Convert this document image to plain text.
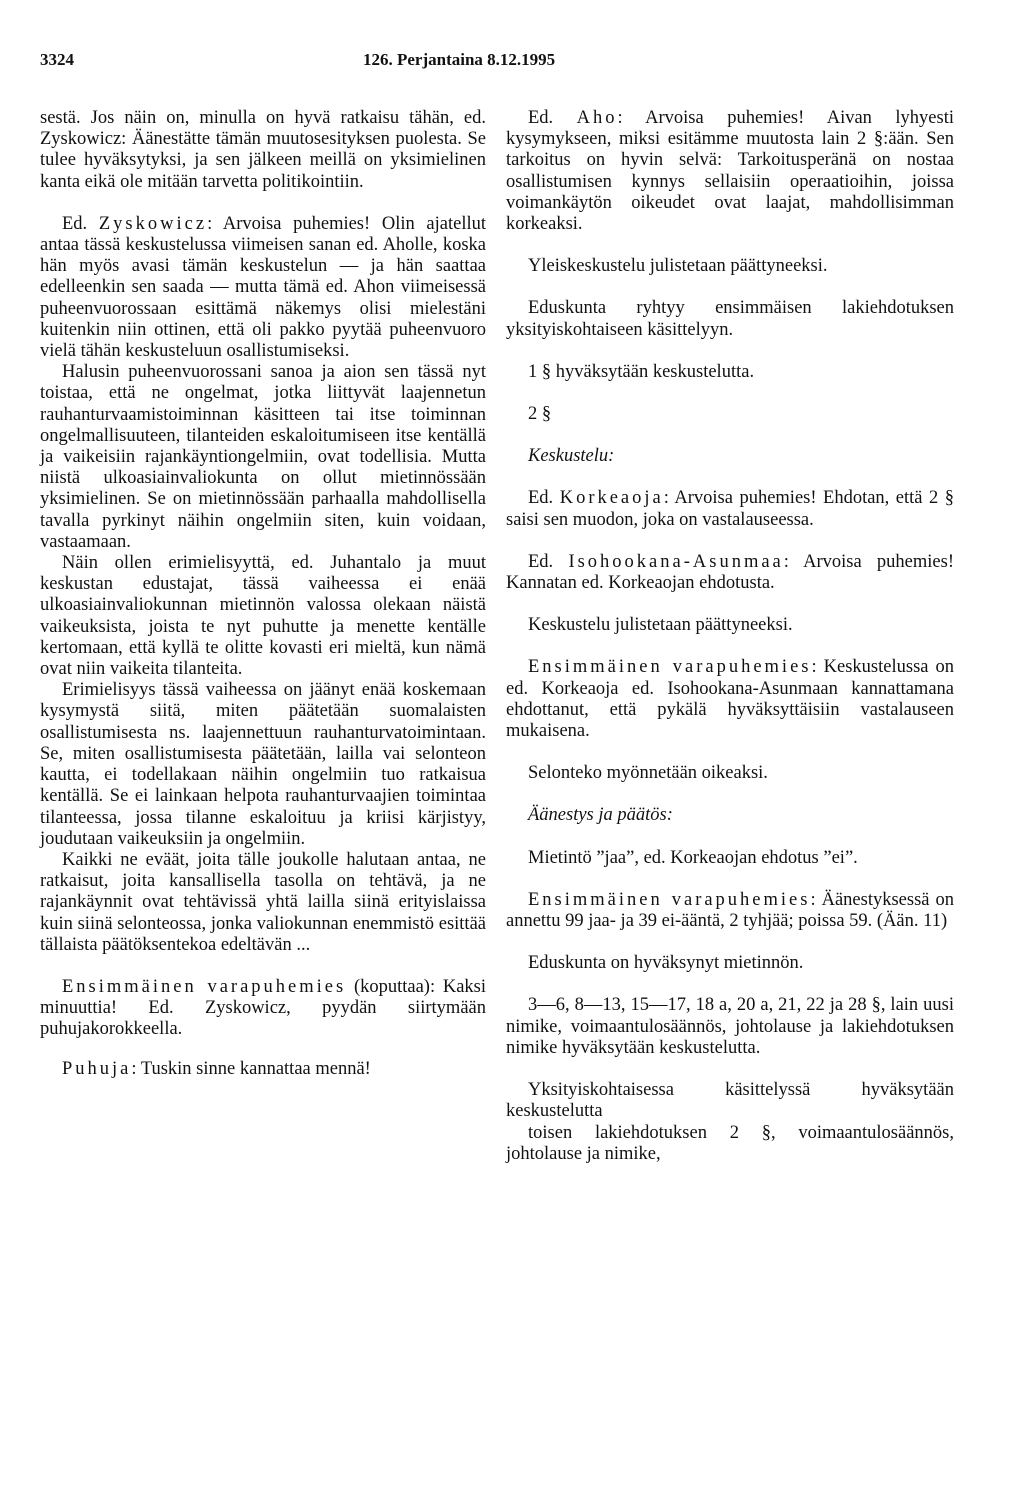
3324	126. Perjantaina 8.12.1995

sestä. Jos näin on, minulla on hyvä ratkaisu tähän, ed. Zyskowicz: Äänestätte tämän muutosesityksen puolesta. Se tulee hyväksytyksi, ja sen jälkeen meillä on yksimielinen kanta eikä ole mitään tarvetta politikointiin.

Ed. Zyskowicz: Arvoisa puhemies! Olin ajatellut antaa tässä keskustelussa viimeisen sanan ed. Aholle, koska hän myös avasi tämän keskustelun — ja hän saattaa edelleenkin sen saada — mutta tämä ed. Ahon viimeisessä puheenvuorossaan esittämä näkemys olisi mielestäni kuitenkin niin ottinen, että oli pakko pyytää puheenvuoro vielä tähän keskusteluun osallistumiseksi.

Halusin puheenvuorossani sanoa ja aion sen tässä nyt toistaa, että ne ongelmat, jotka liittyvät laajennetun rauhanturvaamistoiminnan käsitteen tai itse toiminnan ongelmallisuuteen, tilanteiden eskaloitumiseen itse kentällä ja vaikeisiin rajankäyntiongelmiin, ovat todellisia. Mutta niistä ulkoasiainvaliokunta on ollut mietinnössään yksimielinen. Se on mietinnössään parhaalla mahdollisella tavalla pyrkinyt näihin ongelmiin siten, kuin voidaan, vastaamaan.

Näin ollen erimielisyyttä, ed. Juhantalo ja muut keskustan edustajat, tässä vaiheessa ei enää ulkoasiainvaliokunnan mietinnön valossa olekaan näistä vaikeuksista, joista te nyt puhutte ja menette kentälle kertomaan, että kyllä te olitte kovasti eri mieltä, kun nämä ovat niin vaikeita tilanteita.

Erimielisyys tässä vaiheessa on jäänyt enää koskemaan kysymystä siitä, miten päätetään suomalaisten osallistumisesta ns. laajennettuun rauhanturvatoimintaan. Se, miten osallistumisesta päätetään, lailla vai selonteon kautta, ei todellakaan näihin ongelmiin tuo ratkaisua kentällä. Se ei lainkaan helpota rauhanturvaajien toimintaa tilanteessa, jossa tilanne eskaloituu ja kriisi kärjistyy, joudutaan vaikeuksiin ja ongelmiin.

Kaikki ne eväät, joita tälle joukolle halutaan antaa, ne ratkaisut, joita kansallisella tasolla on tehtävä, ja ne rajankäynnit ovat tehtävissä yhtä lailla siinä erityislaissa kuin siinä selonteossa, jonka valiokunnan enemmistö esittää tällaista päätöksentekoa edeltävän ...

Ensimmäinen varapuhemies (koputtaa): Kaksi minuuttia! Ed. Zyskowicz, pyydän siirtymään puhujakorokkeella.

Puhuja: Tuskin sinne kannattaa mennä!

Ed. Aho: Arvoisa puhemies! Aivan lyhyesti kysymykseen, miksi esitämme muutosta lain 2 §:ään. Sen tarkoitus on hyvin selvä: Tarkoitusperänä on nostaa osallistumisen kynnys sellaisiin operaatioihin, joissa voimankäytön oikeudet ovat laajat, mahdollisimman korkeaksi.

Yleiskeskustelu julistetaan päättyneeksi.

Eduskunta ryhtyy ensimmäisen lakiehdotuksen yksityiskohtaiseen käsittelyyn.

1 § hyväksytään keskustelutta.

2 §

Keskustelu:

Ed. Korkeaoja: Arvoisa puhemies! Ehdotan, että 2 § saisi sen muodon, joka on vastalauseessa.

Ed. Isohookana-Asunmaa: Arvoisa puhemies! Kannatan ed. Korkeaojan ehdotusta.

Keskustelu julistetaan päättyneeksi.

Ensimmäinen varapuhemies: Keskustelussa on ed. Korkeaoja ed. Isohookana-Asunmaan kannattamana ehdottanut, että pykälä hyväksyttäisiin vastalauseen mukaisena.

Selonteko myönnetään oikeaksi.

Äänestys ja päätös:

Mietintö ”jaa”, ed. Korkeaojan ehdotus ”ei”.

Ensimmäinen varapuhemies: Äänestyksessä on annettu 99 jaa- ja 39 ei-ääntä, 2 tyhjää; poissa 59. (Ään. 11)

Eduskunta on hyväksynyt mietinnön.

3—6, 8—13, 15—17, 18 a, 20 a, 21, 22 ja 28 §, lain uusi nimike, voimaantulosäännös, johtolause ja lakiehdotuksen nimike hyväksytään keskustelutta.

Yksityiskohtaisessa käsittelyssä hyväksytään keskustelutta

toisen lakiehdotuksen 2 §, voimaantulosäännös, johtolause ja nimike,
